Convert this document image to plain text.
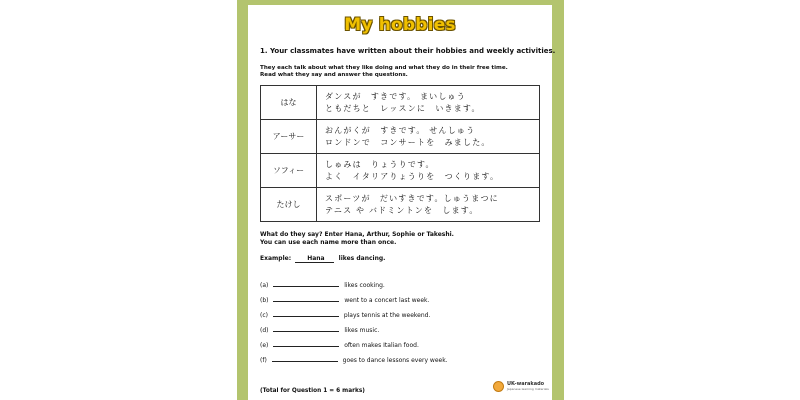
My hobbies
1. Your classmates have written about their hobbies and weekly activities.
They each talk about what they like doing and what they do in their free time.
Read what they say and answer the questions.
はな	ダンスが　すきです。 まいしゅう
ともだちと　レッスンに　いきます。

アーサー	おんがくが　すきです。 せんしゅう
ロンドンで　コンサートを　みました。

ソフィー	しゅみは　りょうりです。
よく　イタリアりょうりを　つくります。

たけし	スポーツが　だいすきです。しゅうまつに
テニス や バドミントンを　します。
What do they say? Enter Hana, Arthur, Sophie or Takeshi.
You can use each name more than once.
Example:	Hana likes dancing.
(a)	likes cooking.
(b)	went to a concert last week.
(c)	plays tennis at the weekend.
(d)	likes music.
(e)	often makes Italian food.
(f)	goes to dance lessons every week.
(Total for Question 1 = 6 marks)
UK-warakado
Japanese learning materials
